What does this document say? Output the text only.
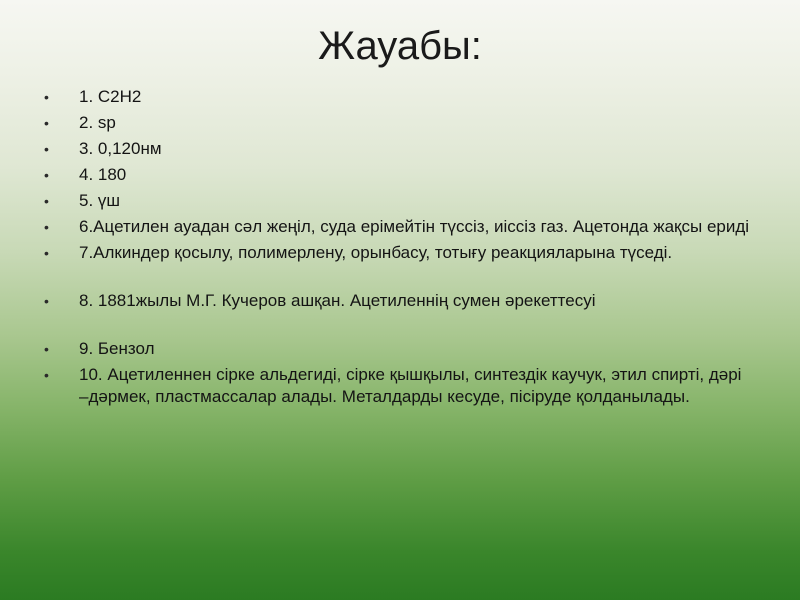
Жауабы:
•	1. С2Н2
•	2. sp
•	3. 0,120нм
•	4. 180
•	5. үш
•	6.Ацетилен ауадан сәл жеңіл, суда ерімейтін түссіз, иіссіз газ. Ацетонда жақсы ериді
•	7.Алкиндер қосылу, полимерлену, орынбасу, тотығу реакцияларына түседі.
•	8. 1881жылы М.Г. Кучеров ашқан. Ацетиленнің сумен әрекеттесуі
•	9. Бензол
•	10. Ацетиленнен сірке альдегиді, сірке қышқылы, синтездік каучук, этил спирті, дәрі –дәрмек, пластмассалар алады. Металдарды кесуде, пісіруде қолданылады.
